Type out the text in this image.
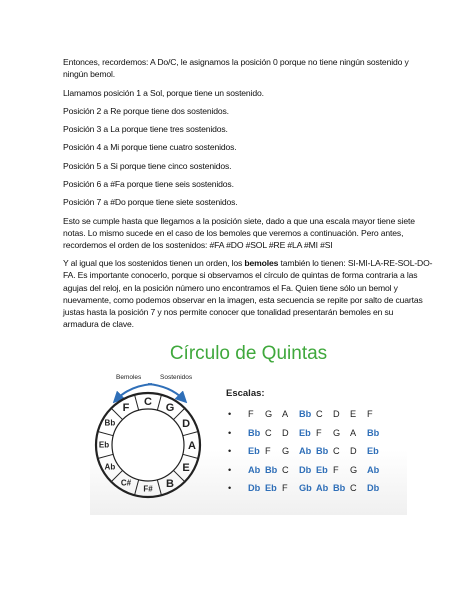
Entonces, recordemos: A Do/C, le asignamos la posición 0 porque no tiene ningún sostenido y
ningún bemol.

Llamamos posición 1 a Sol, porque tiene un sostenido.

Posición 2 a Re porque tiene dos sostenidos.

Posición 3 a La porque tiene tres sostenidos.

Posición 4 a Mi porque tiene cuatro sostenidos.

Posición 5 a Si porque tiene cinco sostenidos.

Posición 6 a #Fa porque tiene seis sostenidos.

Posición 7 a #Do porque tiene siete sostenidos.

Esto se cumple hasta que llegamos a la posición siete, dado a que una escala mayor tiene siete
notas. Lo mismo sucede en el caso de los bemoles que veremos a continuación. Pero antes,
recordemos el orden de los sostenidos: #FA #DO #SOL #RE #LA #MI #SI

Y al igual que los sostenidos tienen un orden, los bemoles también lo tienen: SI-MI-LA-RE-SOL-DO-
FA. Es importante conocerlo, porque si observamos el círculo de quintas de forma contraria a las
agujas del reloj, en la posición número uno encontramos el Fa. Quien tiene sólo un bemol y
nuevamente, como podemos observar en la imagen, esta secuencia se repite por salto de cuartas
justas hasta la posición 7 y nos permite conocer que tonalidad presentarán bemoles en su
armadura de clave.

Círculo de Quintas
Bemoles	Sostenidos
C G
D
A
E
B
F#
C#
Ab
Eb
Bb
F
Escalas:
• F G A Bb C D E F
• Bb C D Eb F G A Bb
• Eb F G Ab Bb C D Eb
• Ab Bb C Db Eb F G Ab
• Db Eb F Gb Ab Bb C Db
